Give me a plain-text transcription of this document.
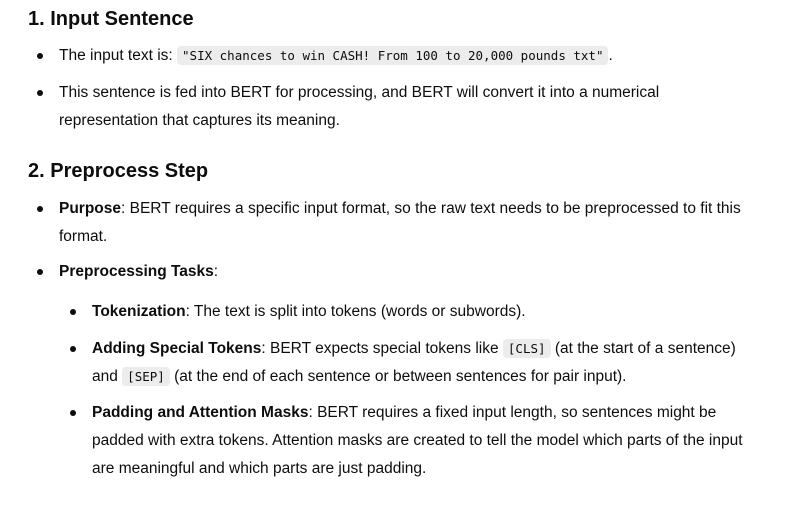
1. Input Sentence
The input text is: "SIX chances to win CASH! From 100 to 20,000 pounds txt" .
This sentence is fed into BERT for processing, and BERT will convert it into a numerical representation that captures its meaning.
2. Preprocess Step
Purpose: BERT requires a specific input format, so the raw text needs to be preprocessed to fit this format.
Preprocessing Tasks:
Tokenization: The text is split into tokens (words or subwords).
Adding Special Tokens: BERT expects special tokens like [CLS] (at the start of a sentence) and [SEP] (at the end of each sentence or between sentences for pair input).
Padding and Attention Masks: BERT requires a fixed input length, so sentences might be padded with extra tokens. Attention masks are created to tell the model which parts of the input are meaningful and which parts are just padding.
